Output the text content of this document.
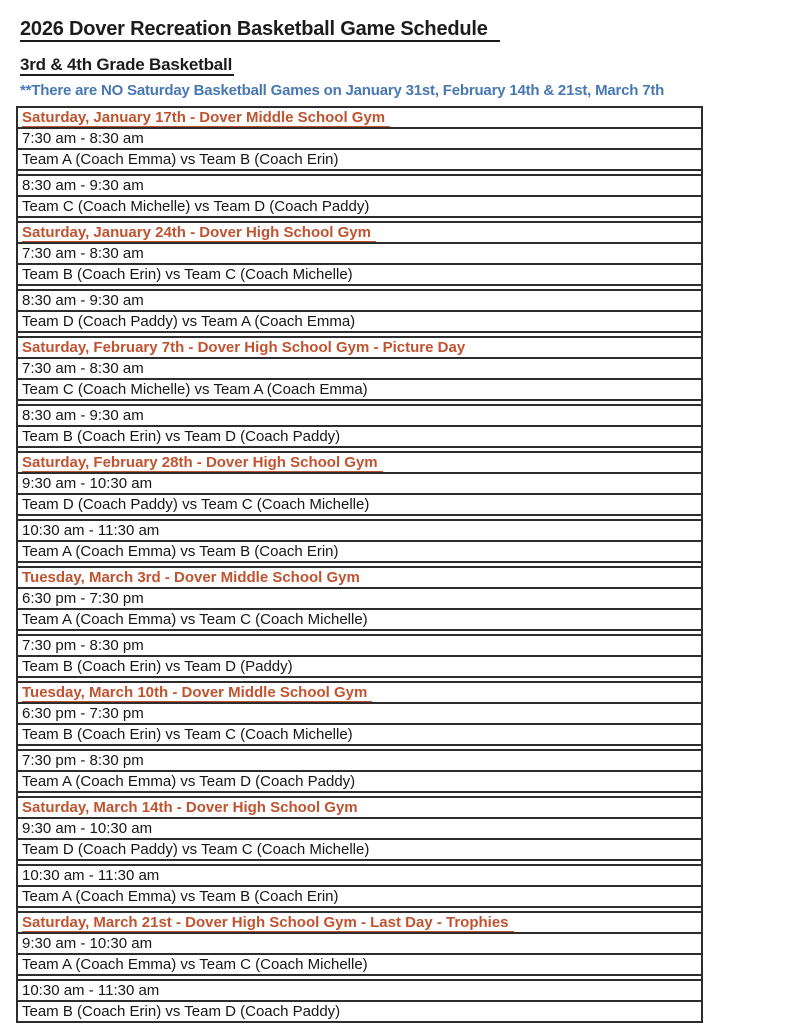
2026 Dover Recreation Basketball Game Schedule
3rd & 4th Grade Basketball
**There are NO Saturday Basketball Games on January 31st, February 14th & 21st, March 7th
Saturday, January 17th - Dover Middle School Gym
7:30 am - 8:30 am
Team A (Coach Emma) vs Team B (Coach Erin)
8:30 am - 9:30 am
Team C (Coach Michelle) vs Team D (Coach Paddy)
Saturday, January 24th - Dover High School Gym
7:30 am - 8:30 am
Team B (Coach Erin) vs Team C (Coach Michelle)
8:30 am - 9:30 am
Team D (Coach Paddy) vs Team A (Coach Emma)
Saturday, February 7th - Dover High School Gym - Picture Day
7:30 am - 8:30 am
Team C (Coach Michelle) vs Team A (Coach Emma)
8:30 am - 9:30 am
Team B (Coach Erin) vs Team D (Coach Paddy)
Saturday, February 28th - Dover High School Gym
9:30 am - 10:30 am
Team D (Coach Paddy) vs Team C (Coach Michelle)
10:30 am - 11:30 am
Team A (Coach Emma) vs Team B (Coach Erin)
Tuesday, March 3rd - Dover Middle School Gym
6:30 pm - 7:30 pm
Team A (Coach Emma) vs Team C (Coach Michelle)
7:30 pm - 8:30 pm
Team B (Coach Erin) vs Team D (Paddy)
Tuesday, March 10th - Dover Middle School Gym
6:30 pm - 7:30 pm
Team B (Coach Erin) vs Team C (Coach Michelle)
7:30 pm - 8:30 pm
Team A (Coach Emma) vs Team D (Coach Paddy)
Saturday, March 14th - Dover High School Gym
9:30 am - 10:30 am
Team D (Coach Paddy) vs Team C (Coach Michelle)
10:30 am - 11:30 am
Team A (Coach Emma) vs Team B (Coach Erin)
Saturday, March 21st - Dover High School Gym - Last Day - Trophies
9:30 am - 10:30 am
Team A (Coach Emma) vs Team C (Coach Michelle)
10:30 am - 11:30 am
Team B (Coach Erin) vs Team D (Coach Paddy)
